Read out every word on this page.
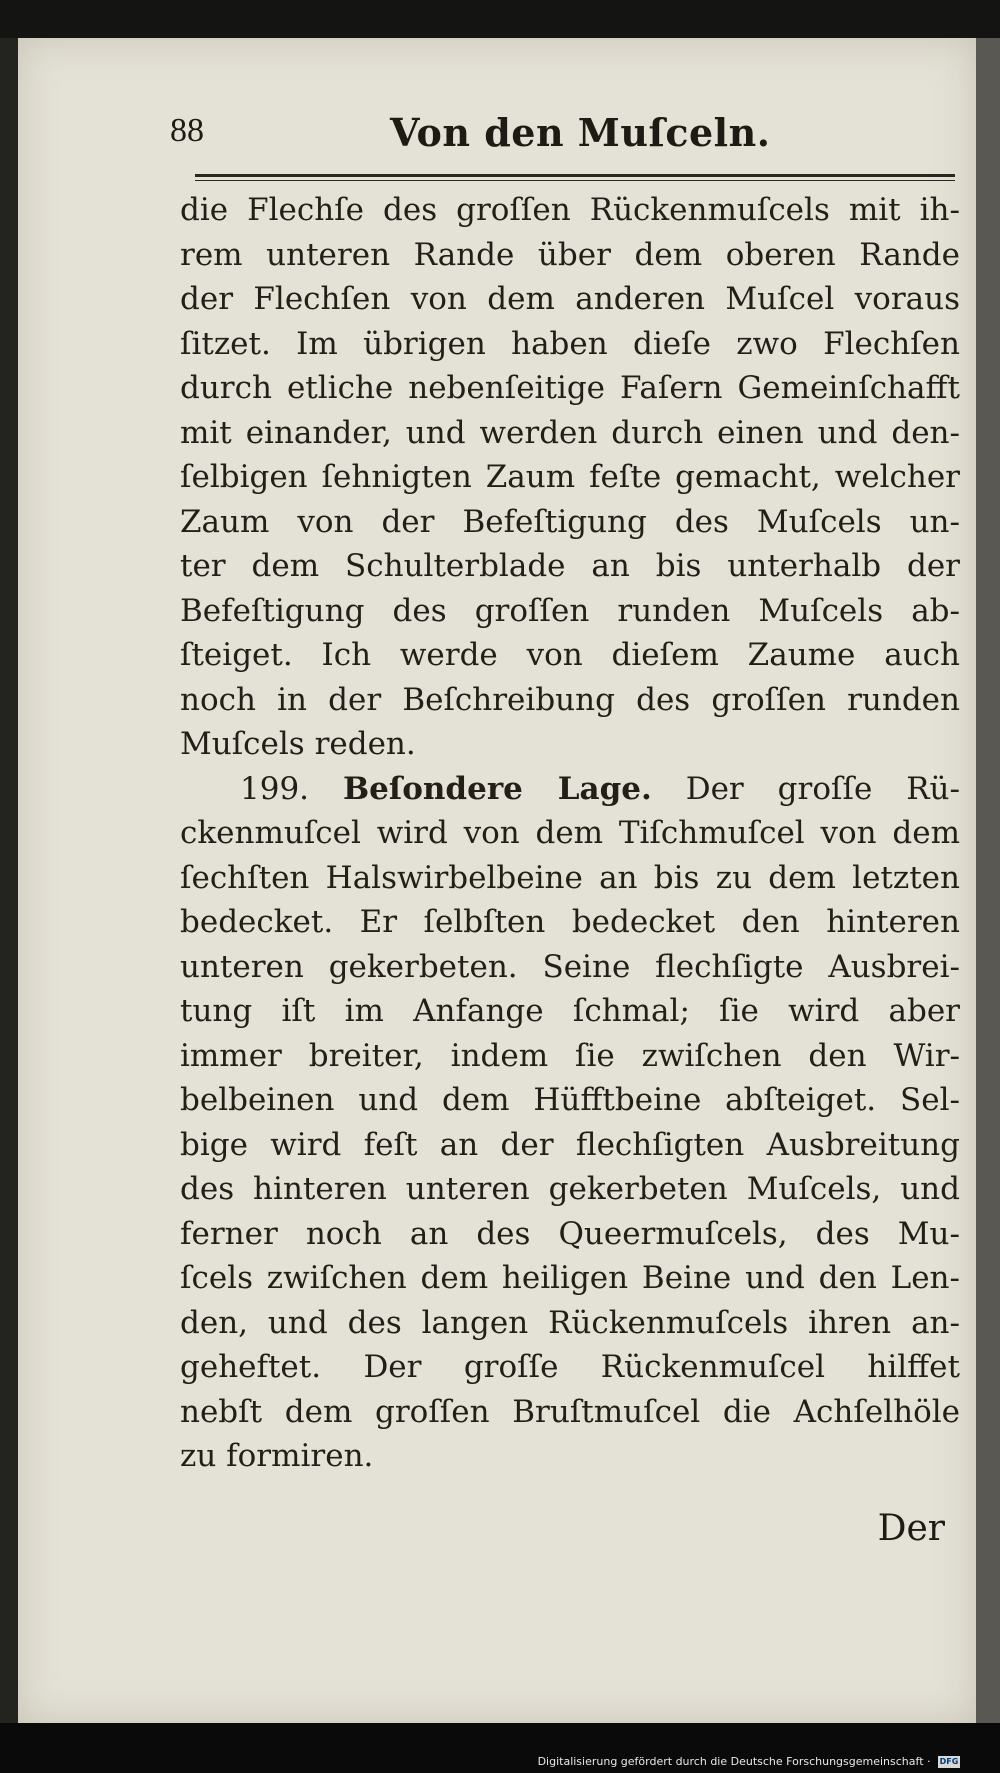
88	Von den Muſceln.
die Flechſe des groſſen Rückenmuſcels mit ih-
rem unteren Rande über dem oberen Rande
der Flechſen von dem anderen Muſcel voraus
ſitzet. Im übrigen haben dieſe zwo Flechſen
durch etliche nebenſeitige Faſern Gemeinſchafft
mit einander, und werden durch einen und den-
ſelbigen ſehnigten Zaum feſte gemacht, welcher
Zaum von der Befeſtigung des Muſcels un-
ter dem Schulterblade an bis unterhalb der
Befeſtigung des groſſen runden Muſcels ab-
ſteiget. Ich werde von dieſem Zaume auch
noch in der Beſchreibung des groſſen runden
Muſcels reden.
199. Beſondere Lage. Der groſſe Rü-
ckenmuſcel wird von dem Tiſchmuſcel von dem
ſechſten Halswirbelbeine an bis zu dem letzten
bedecket. Er ſelbſten bedecket den hinteren
unteren gekerbeten. Seine flechſigte Ausbrei-
tung iſt im Anfange ſchmal; ſie wird aber
immer breiter, indem ſie zwiſchen den Wir-
belbeinen und dem Hüfftbeine abſteiget. Sel-
bige wird feſt an der flechſigten Ausbreitung
des hinteren unteren gekerbeten Muſcels, und
ferner noch an des Queermuſcels, des Mu-
ſcels zwiſchen dem heiligen Beine und den Len-
den, und des langen Rückenmuſcels ihren an-
geheftet. Der groſſe Rückenmuſcel hilffet
nebſt dem groſſen Bruſtmuſcel die Achſelhöle
zu formiren.
Der
Digitalisierung gefördert durch die Deutsche Forschungsgemeinschaft · DFG
